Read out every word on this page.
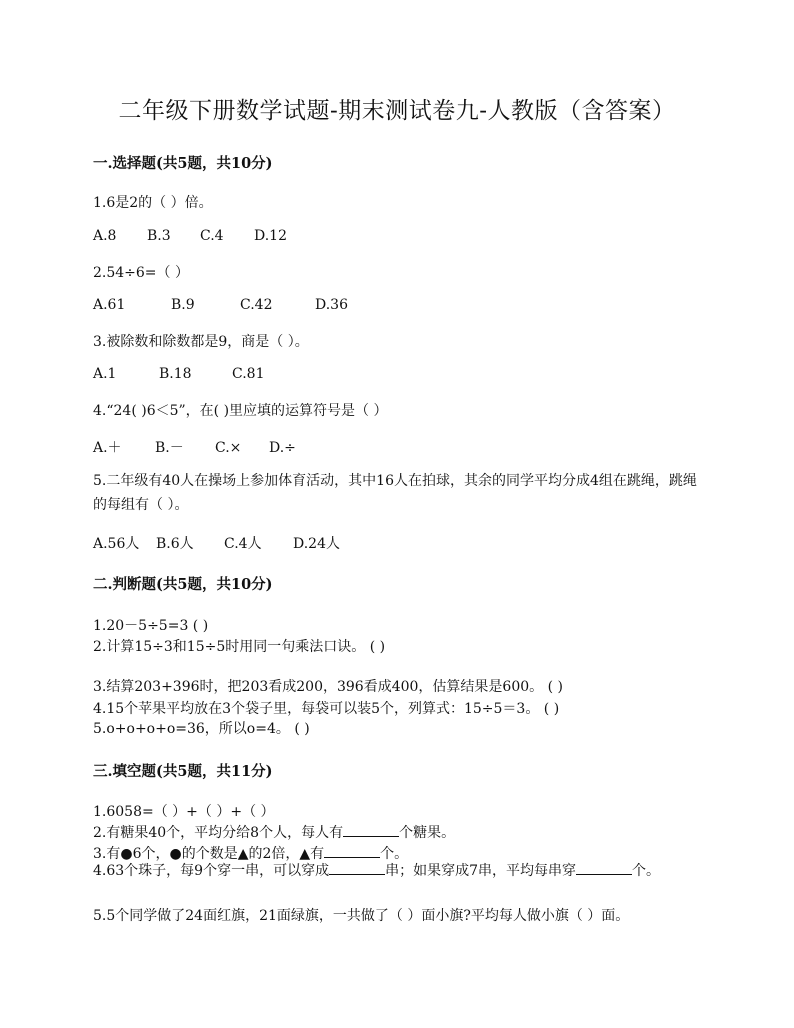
二年级下册数学试题-期末测试卷九-人教版（含答案）
一.选择题(共5题，共10分)
1.6是2的（ ）倍。
A.8 B.3 C.4 D.12
2.54÷6=（ ）
A.61	B.9	C.42	D.36
3.被除数和除数都是9，商是（ ）。
A.1	B.18	C.81
4.“24( )6＜5”，在( )里应填的运算符号是（ ）
A.＋ B.－ C.× D.÷
5.二年级有40人在操场上参加体育活动，其中16人在拍球，其余的同学平均分成4组在跳绳，跳绳的每组有（ ）。
A.56人 B.6人 C.4人 D.24人
二.判断题(共5题，共10分)
1.20－5÷5=3 ( )
2.计算15÷3和15÷5时用同一句乘法口诀。 ( )
3.结算203+396时，把203看成200，396看成400，估算结果是600。 ( )
4.15个苹果平均放在3个袋子里，每袋可以装5个，列算式：15÷5＝3。 ( )
5.o+o+o+o=36，所以o=4。 ( )
三.填空题(共5题，共11分)
1.6058=（ ）+（ ）+（ ）
2.有糖果40个，平均分给8个人，每人有	个糖果。
3.有●6个，●的个数是▲的2倍，▲有	个。
4.63个珠子，每9个穿一串，可以穿成	串；如果穿成7串，平均每串穿	个。
5.5个同学做了24面红旗，21面绿旗，一共做了（ ）面小旗?平均每人做小旗（ ）面。
